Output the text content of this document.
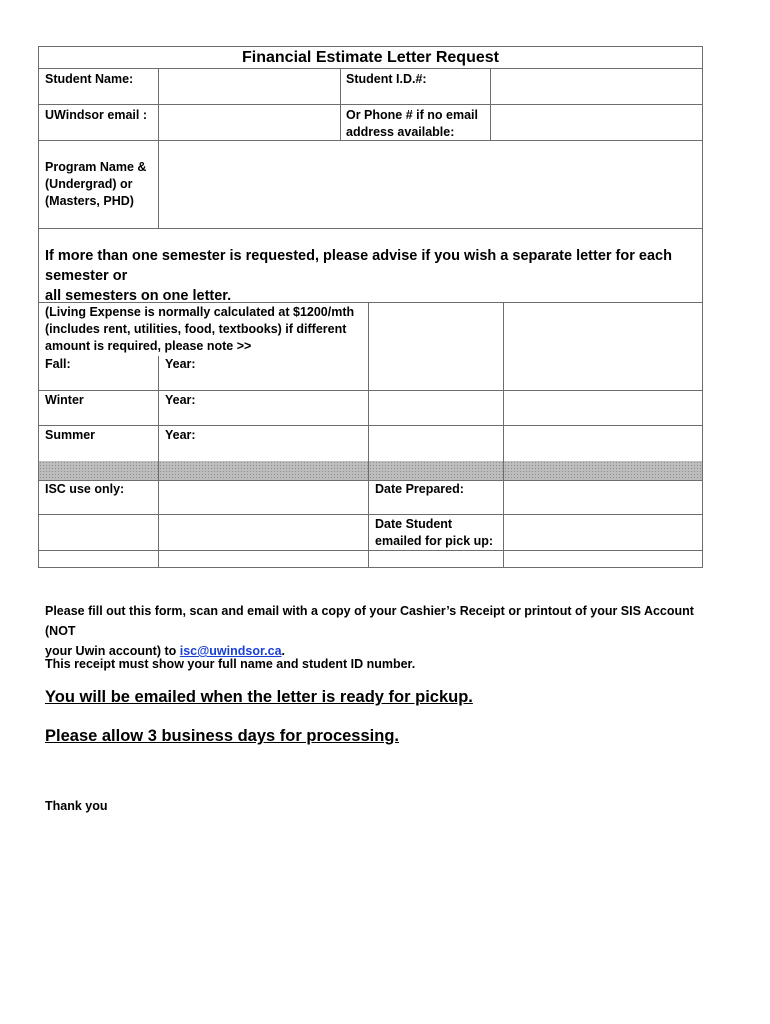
Financial Estimate Letter Request
Student Name:	Student I.D.#:
UWindsor email :	Or Phone # if no email
address available:
Program Name &
(Undergrad) or
(Masters, PHD)
If more than one semester is requested, please advise if you wish a separate letter for each semester or
all semesters on one letter.
(Living Expense is normally calculated at $1200/mth
(includes rent, utilities, food, textbooks) if different
amount is required, please note >>
Fall:	Year:
Winter	Year:
Summer	Year:
ISC use only:	Date Prepared:
Date Student
emailed for pick up:
Please fill out this form, scan and email with a copy of your Cashier’s Receipt or printout of your SIS Account (NOT
your Uwin account) to isc@uwindsor.ca.
This receipt must show your full name and student ID number.
You will be emailed when the letter is ready for pickup.
Please allow 3 business days for processing.
Thank you
